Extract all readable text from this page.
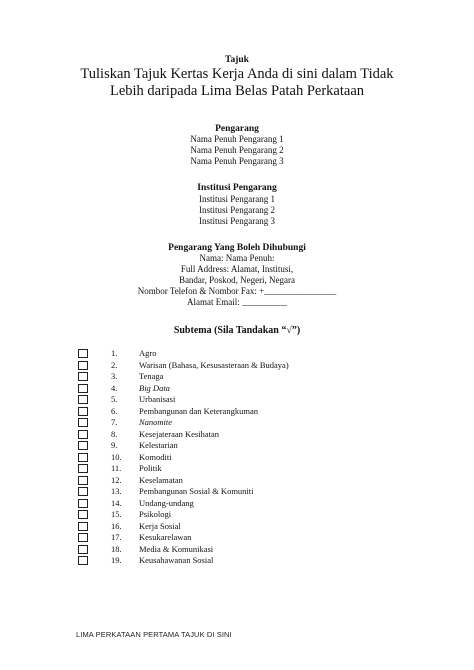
Tajuk
Tuliskan Tajuk Kertas Kerja Anda di sini dalam Tidak
Lebih daripada Lima Belas Patah Perkataan
Pengarang
Nama Penuh Pengarang 1
Nama Penuh Pengarang 2
Nama Penuh Pengarang 3
Institusi Pengarang
Institusi Pengarang 1
Institusi Pengarang 2
Institusi Pengarang 3
Pengarang Yang Boleh Dihubungi
Nama: Nama Penuh:
Full Address: Alamat, Institusi,
Bandar, Poskod, Negeri, Negara
Nombor Telefon & Nombor Fax: +________________
Alamat Email: __________
Subtema (Sila Tandakan “√”)
1.	Agro
2.	Warisan (Bahasa, Kesusasteraan & Budaya)
3.	Tenaga
4.	Big Data
5.	Urbanisasi
6.	Pembangunan dan Keterangkuman
7.	Nanomite
8.	Kesejateraan Kesihatan
9.	Kelestarian
10. Komoditi
11. Politik
12. Keselamatan
13. Pembangunan Sosial & Komuniti
14. Undang-undang
15. Psikologi
16. Kerja Sosial
17. Kesukarelawan
18. Media & Komunikasi
19. Keusahawanan Sosial
LIMA PERKATAAN PERTAMA TAJUK DI SINI
